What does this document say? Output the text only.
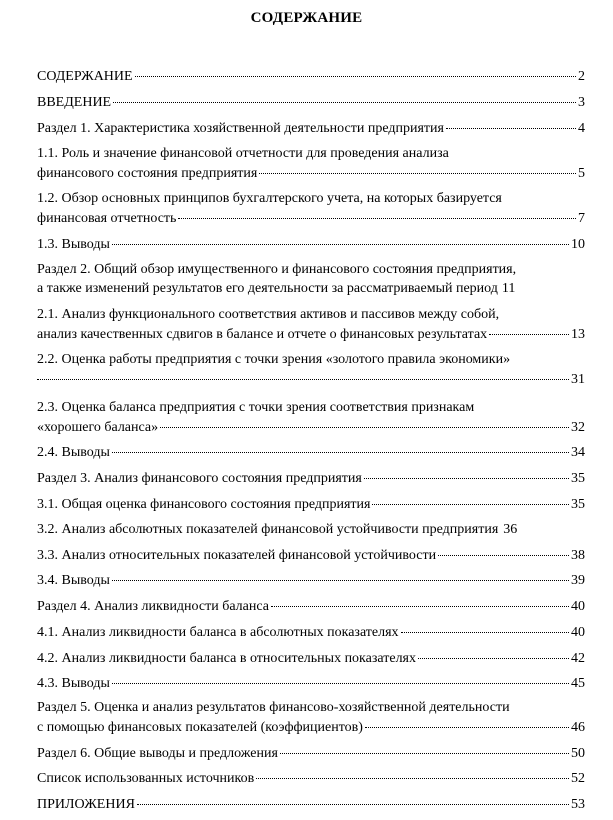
СОДЕРЖАНИЕ
СОДЕРЖАНИЕ	2
ВВЕДЕНИЕ	3
Раздел 1. Характеристика хозяйственной деятельности предприятия	4
1.1. Роль и значение финансовой отчетности для проведения анализа
финансового состояния предприятия	5
1.2. Обзор основных принципов бухгалтерского учета, на которых базируется
финансовая отчетность	7
1.3. Выводы	10
Раздел 2. Общий обзор имущественного и финансового состояния предприятия,
а также изменений результатов его деятельности за рассматриваемый период 11
2.1. Анализ функционального соответствия активов и пассивов между собой,
анализ качественных сдвигов в балансе и отчете о финансовых результатах	13
2.2. Оценка работы предприятия с точки зрения «золотого правила экономики»
31
2.3. Оценка баланса предприятия с точки зрения соответствия признакам
«хорошего баланса»	32
2.4. Выводы	34
Раздел 3. Анализ финансового состояния предприятия	35
3.1. Общая оценка финансового состояния предприятия	35
3.2. Анализ абсолютных показателей финансовой устойчивости предприятия 36
3.3. Анализ относительных показателей финансовой устойчивости	38
3.4. Выводы	39
Раздел 4. Анализ ликвидности баланса	40
4.1. Анализ ликвидности баланса в абсолютных показателях	40
4.2. Анализ ликвидности баланса в относительных показателях	42
4.3. Выводы	45
Раздел 5. Оценка и анализ результатов финансово-хозяйственной деятельности
с помощью финансовых показателей (коэффициентов)	46
Раздел 6. Общие выводы и предложения	50
Список использованных источников	52
ПРИЛОЖЕНИЯ	53
